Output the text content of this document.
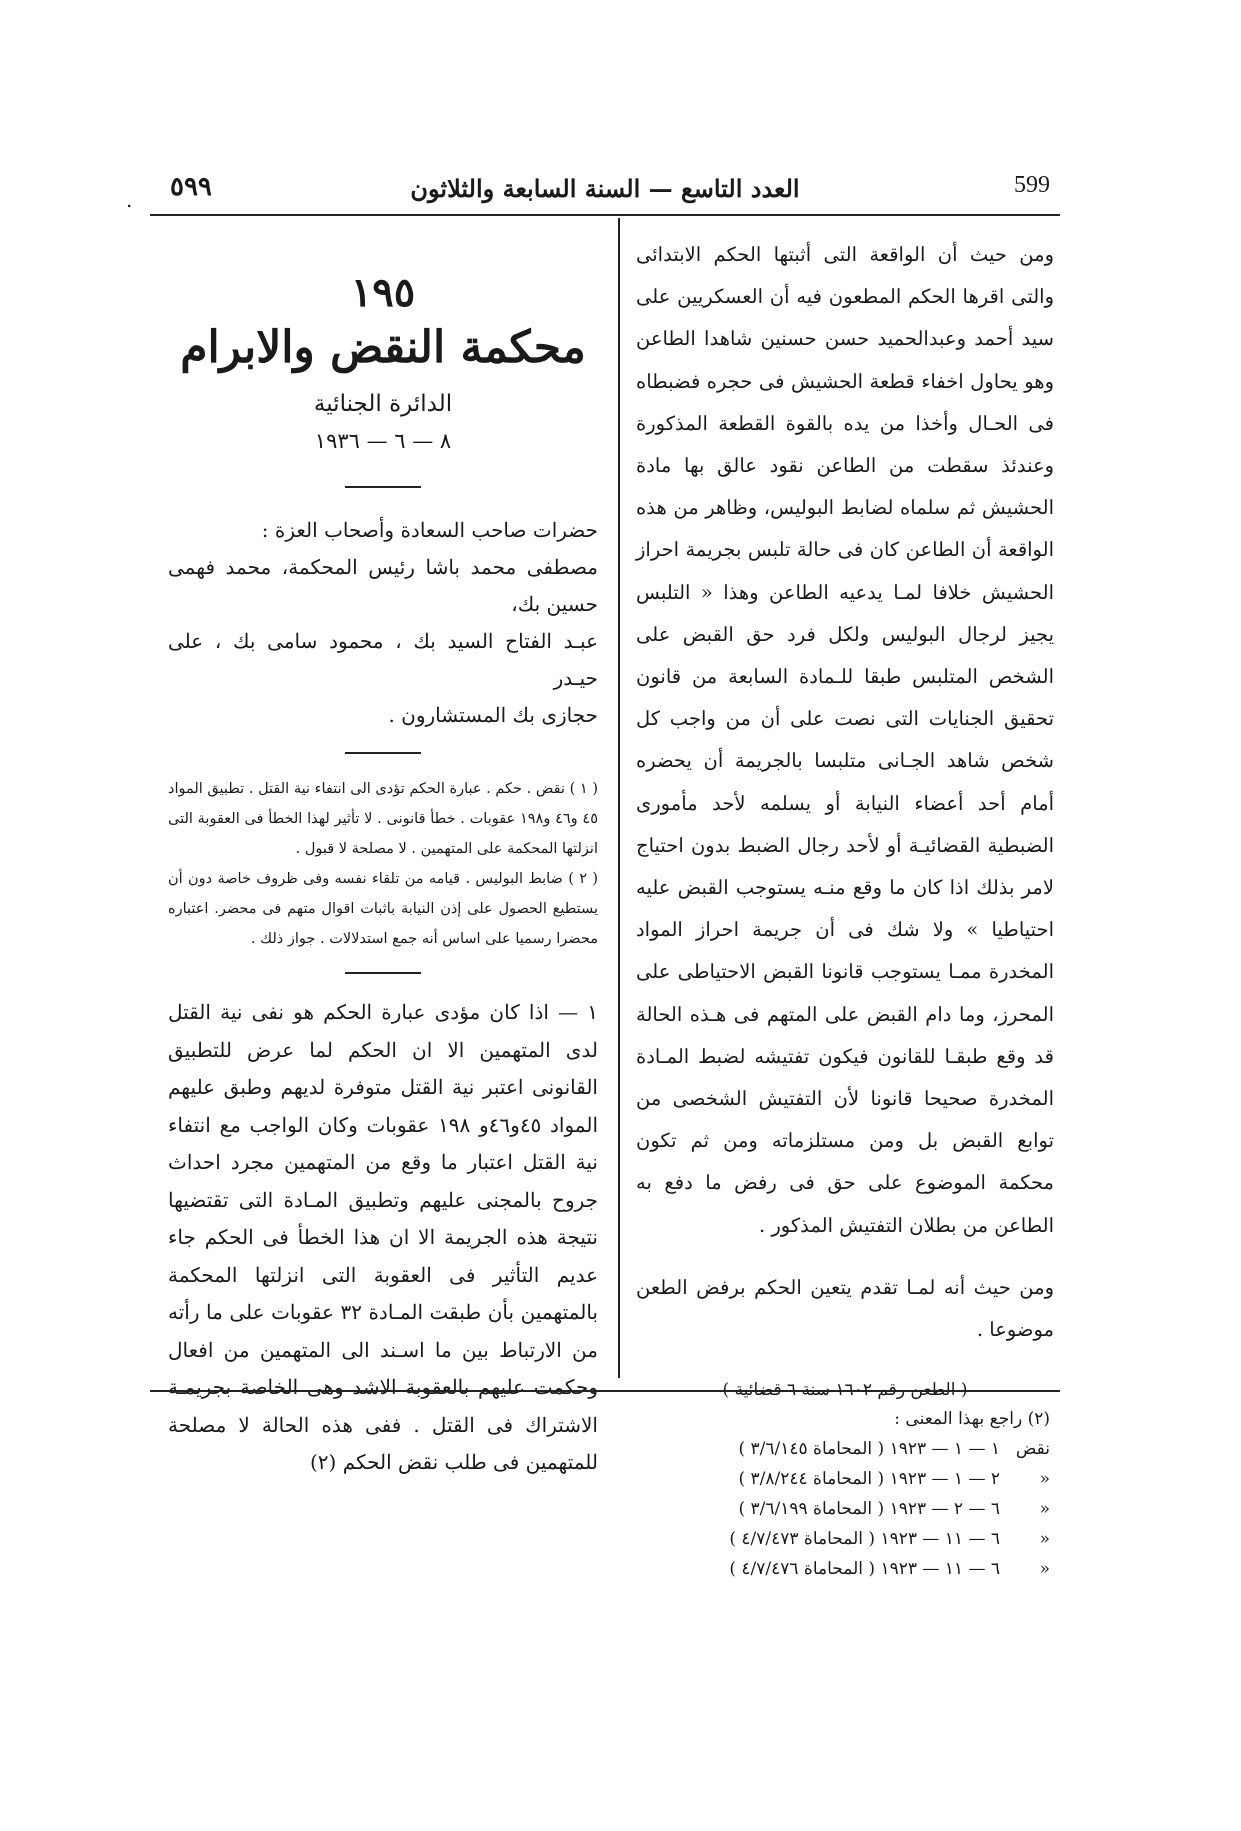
. ٥٩٩	العدد التاسع — السنة السابعة والثلاثون	599

ومن حيث أن الواقعة التى أثبتها الحكم الابتدائى والتى اقرها الحكم المطعون فيه أن العسكريين على سيد أحمد وعبدالحميد حسن حسنين شاهدا الطاعن وهو يحاول اخفاء قطعة الحشيش فى حجره فضبطاه فى الحـال وأخذا من يده بالقوة القطعة المذكورة وعندئذ سقطت من الطاعن نقود عالق بها مادة الحشيش ثم سلماه لضابط البوليس، وظاهر من هذه الواقعة أن الطاعن كان فى حالة تلبس بجريمة احراز الحشيش خلافا لمـا يدعيه الطاعن وهذا « التلبس يجيز لرجال البوليس ولكل فرد حق القبض على الشخص المتلبس طبقا للـمادة السابعة من قانون تحقيق الجنايات التى نصت على أن من واجب كل شخص شاهد الجـانى متلبسا بالجريمة أن يحضره أمام أحد أعضاء النيابة أو يسلمه لأحد مأمورى الضبطية القضائيـة أو لأحد رجال الضبط بدون احتياج لامر بذلك اذا كان ما وقع منـه يستوجب القبض عليه احتياطيا » ولا شك فى أن جريمة احراز المواد المخدرة ممـا يستوجب قانونا القبض الاحتياطى على المحرز، وما دام القبض على المتهم فى هـذه الحالة قد وقع طبقـا للقانون فيكون تفتيشه لضبط المـادة المخدرة صحيحا قانونا لأن التفتيش الشخصى من توابع القبض بل ومن مستلزماته ومن ثم تكون محكمة الموضوع على حق فى رفض ما دفع به الطاعن من بطلان التفتيش المذكور .

ومن حيث أنه لمـا تقدم يتعين الحكم برفض الطعن موضوعا .

( الطعن رقم ١٦٠٢ سنة ٦ قضائية )

١٩٥

محكمة النقض والابرام

الدائرة الجنائية

٨ — ٦ — ١٩٣٦

حضرات صاحب السعادة وأصحاب العزة :

مصطفى محمد باشا رئيس المحكمة، محمد فهمى حسين بك،

عبـد الفتاح السيد بك ، محمود سامى بك ، على حيـدر

حجازى بك المستشارون .

( ١ ) نقض . حكم . عبارة الحكم تؤدى الى انتفاء نية القتل . تطبيق المواد ٤٥ و٤٦ و١٩٨ عقوبات . خطأ قانونى . لا تأثير لهذا الخطأ فى العقوبة التى انزلتها المحكمة على المتهمين . لا مصلحة لا قبول .

( ٢ ) ضابط البوليس . قيامه من تلقاء نفسه وفى ظروف خاصة دون أن يستطيع الحصول على إذن النيابة باثبات اقوال متهم فى محضر. اعتباره محضرا رسميا على اساس أنه جمع استدلالات . جواز ذلك .

١ — اذا كان مؤدى عبارة الحكم هو نفى نية القتل لدى المتهمين الا ان الحكم لما عرض للتطبيق القانونى اعتبر نية القتل متوفرة لديهم وطبق عليهم المواد ٤٥و٤٦و ١٩٨ عقوبات وكان الواجب مع انتفاء نية القتل اعتبار ما وقع من المتهمين مجرد احداث جروح بالمجنى عليهم وتطبيق المـادة التى تقتضيها نتيجة هذه الجريمة الا ان هذا الخطأ فى الحكم جاء عديم التأثير فى العقوبة التى انزلتها المحكمة بالمتهمين بأن طبقت المـادة ٣٢ عقوبات على ما رأته من الارتباط بين ما اسـند الى المتهمين من افعال وحكمت عليهم بالعقوبة الاشد وهى الخاصة بجريمـة الاشتراك فى القتل . ففى هذه الحالة لا مصلحة للمتهمين فى طلب نقض الحكم (٢)

(٢) راجع بهذا المعنى :

نقض
١ — ١ — ١٩٢٣ ( المحاماة ٣/٦/١٤٥ )
«
٢ — ١ — ١٩٢٣ ( المحاماة ٣/٨/٢٤٤ )
«
٦ — ٢ — ١٩٢٣ ( المحاماة ٣/٦/١٩٩ )
«
٦ — ١١ — ١٩٢٣ ( المحاماة ٤/٧/٤٧٣ )
«
٦ — ١١ — ١٩٢٣ ( المحاماة ٤/٧/٤٧٦ )
